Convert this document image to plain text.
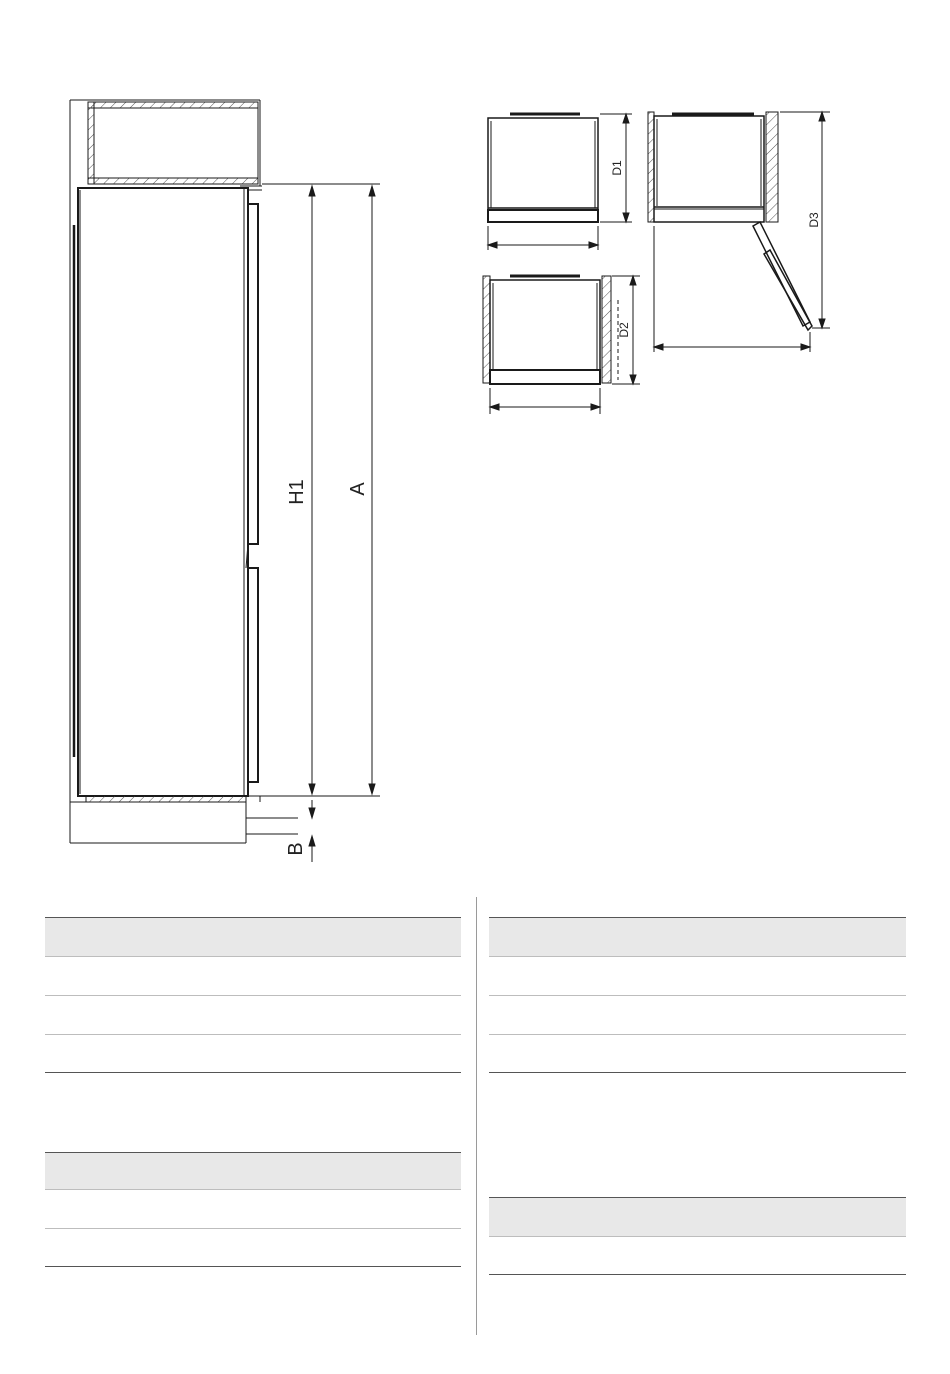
H1 A
B
D1
D2
D3
